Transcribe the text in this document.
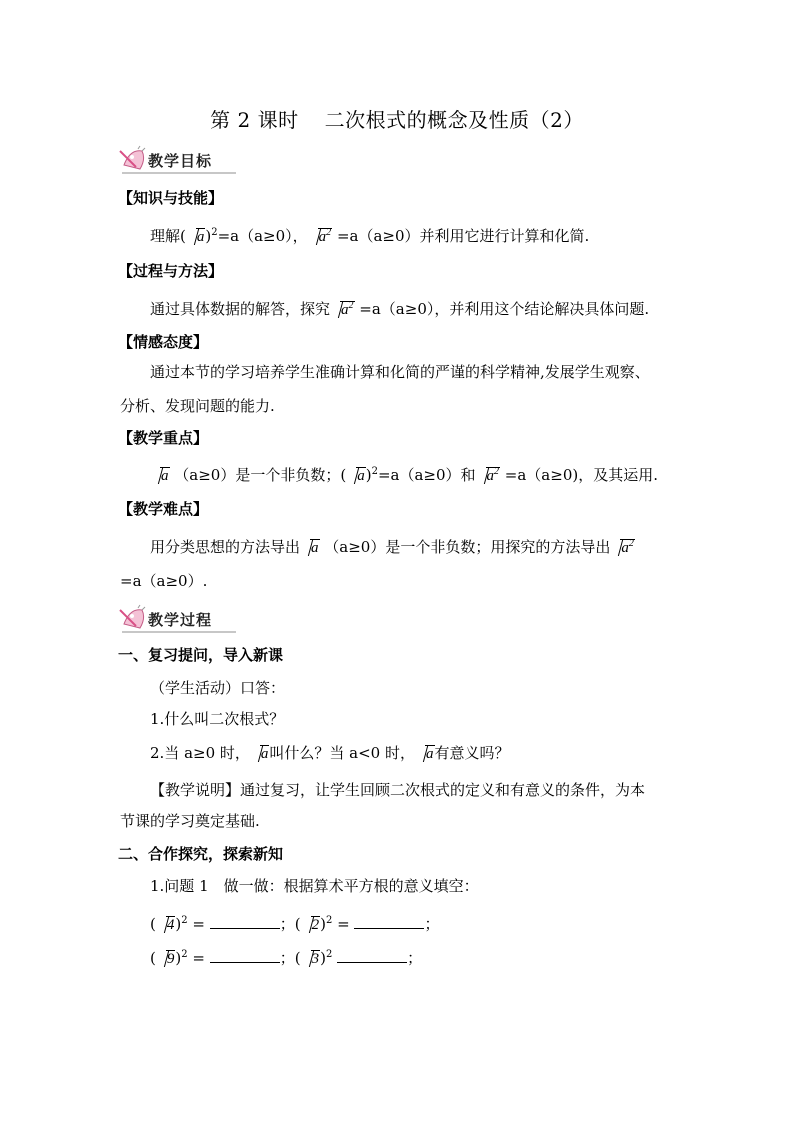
第 2 课时 二次根式的概念及性质（2）
教学目标
【知识与技能】
理解( a)$^2$=a（a≥0）， $a^2 =a(a\ge 0)$并利用它进行计算和化简.
【过程与方法】
通过具体数据的解答，探究 $a^2 =a(a\ge 0)$，并利用这个结论解决具体问题.
【情感态度】
通过本节的学习培养学生准确计算和化简的严谨的科学精神,发展学生观察、
分析、发现问题的能力.
【教学重点】
a （a≥0）是一个非负数；( a)$^2$=a（a≥0）和 $a^2 =a(a\ge 0)$，及其运用.
【教学难点】
用分类思想的方法导出 a （a≥0）是一个非负数；用探究的方法导出 $a^2$
=a（a≥0）.
教学过程
一、复习提问，导入新课
（学生活动）口答：
1.什么叫二次根式？
2.当 a≥0 时， a叫什么？当 a<0 时， a有意义吗？
【教学说明】通过复习，让学生回顾二次根式的定义和有意义的条件，为本
节课的学习奠定基础.
二、合作探究，探索新知
1.问题 1　做一做：根据算术平方根的意义填空：
( 4)$^2$ =	；( 2)$^2$ =	；
( 9)$^2$ =	；( 3)$^2$	；
